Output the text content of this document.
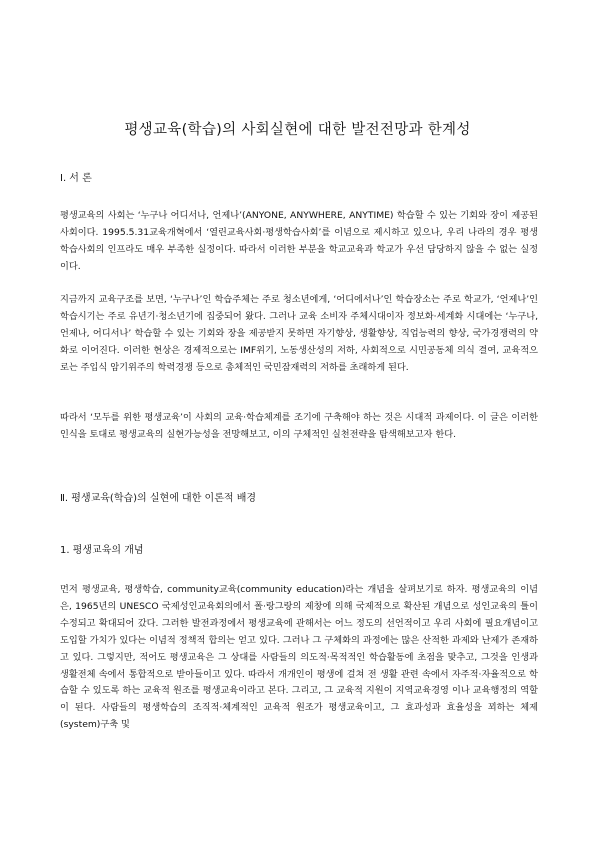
평생교육(학습)의 사회실현에 대한 발전전망과 한계성
Ⅰ. 서 론

평생교육의 사회는 ‘누구나 어디서나, 언제나’(ANYONE, ANYWHERE, ANYTIME) 학습할 수 있는 기회와 장이 제공된 사회이다. 1995.5.31교육개혁에서 ‘열린교육사회·평생학습사회’를 이념으로 제시하고 있으나, 우리 나라의 경우 평생학습사회의 인프라도 매우 부족한 실정이다. 따라서 이러한 부분을 학교교육과 학교가 우선 담당하지 않을 수 없는 실정이다.

지금까지 교육구조를 보면, ‘누구나’인 학습주체는 주로 청소년에게, ‘어디에서나’인 학습장소는 주로 학교가, ‘언제나’인 학습시기는 주로 유년기·청소년기에 집중되어 왔다. 그러나 교육 소비자 주체시대이자 정보화·세계화 시대에는 ‘누구나, 언제나, 어디서나’ 학습할 수 있는 기회와 장을 제공받지 못하면 자기향상, 생활향상, 직업능력의 향상, 국가경쟁력의 약화로 이어진다. 이러한 현상은 경제적으로는 IMF위기, 노동생산성의 저하, 사회적으로 시민공동체 의식 결여, 교육적으로는 주입식 암기위주의 학력경쟁 등으로 총체적인 국민잠재력의 저하를 초래하게 된다.

따라서 ‘모두를 위한 평생교육’이 사회의 교육·학습체계를 조기에 구축해야 하는 것은 시대적 과제이다. 이 글은 이러한 인식을 토대로 평생교육의 실현가능성을 전망해보고, 이의 구체적인 실천전략을 탐색해보고자 한다.

Ⅱ. 평생교육(학습)의 실현에 대한 이론적 배경
1. 평생교육의 개념

먼저 평생교육, 평생학습, community교육(community education)라는 개념을 살펴보기로 하자. 평생교육의 이념은, 1965년의 UNESCO 국제성인교육회의에서 폴·랑그랑의 제창에 의해 국제적으로 확산된 개념으로 성인교육의 틀이 수정되고 확대되어 갔다. 그러한 발전과정에서 평생교육에 관해서는 어느 정도의 선언적이고 우리 사회에 필요개념이고 도입할 가치가 있다는 이념적 정책적 합의는 얻고 있다. 그러나 그 구체화의 과정에는 많은 산적한 과제와 난제가 존재하고 있다. 그렇지만, 적어도 평생교육은 그 상대를 사람들의 의도적·목적적인 학습활동에 초점을 맞추고, 그것을 인생과 생활전체 속에서 통합적으로 받아들이고 있다. 따라서 개개인이 평생에 걸쳐 전 생활 관련 속에서 자주적·자율적으로 학습할 수 있도록 하는 교육적 원조를 평생교육이라고 본다. 그리고, 그 교육적 지원이 지역교육경영 이나 교육행정의 역할이 된다. 사람들의 평생학습의 조직적·체계적인 교육적 원조가 평생교육이고, 그 효과성과 효율성을 꾀하는 체제(system)구축 및
